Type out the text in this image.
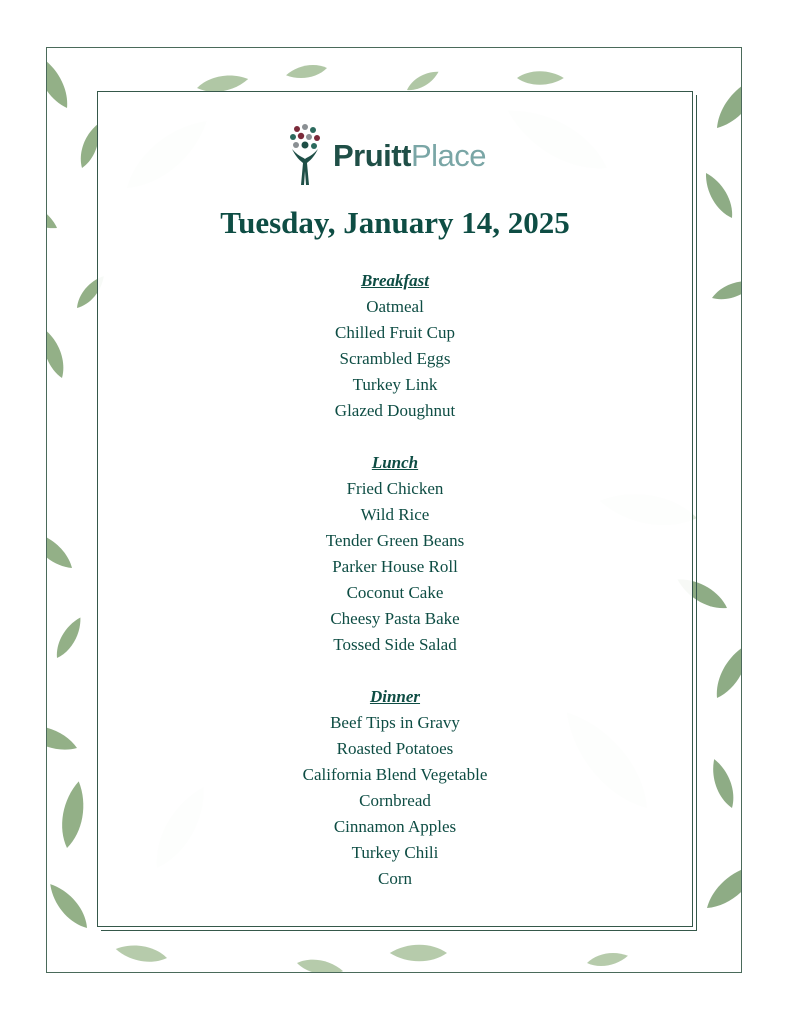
Pruitt Place
Tuesday, January 14, 2025
Breakfast
Oatmeal
Chilled Fruit Cup
Scrambled Eggs
Turkey Link
Glazed Doughnut
Lunch
Fried Chicken
Wild Rice
Tender Green Beans
Parker House Roll
Coconut Cake
Cheesy Pasta Bake
Tossed Side Salad
Dinner
Beef Tips in Gravy
Roasted Potatoes
California Blend Vegetable
Cornbread
Cinnamon Apples
Turkey Chili
Corn
